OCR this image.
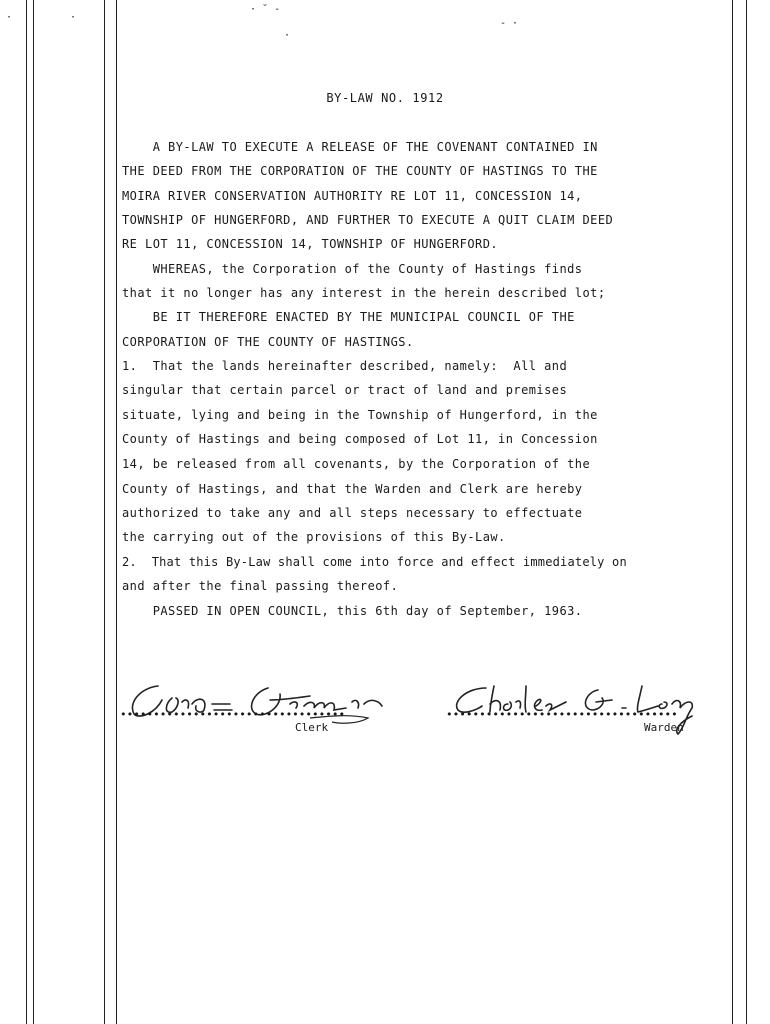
·	·
· ˘ -
·
- ·
BY-LAW NO. 1912
A BY-LAW TO EXECUTE A RELEASE OF THE COVENANT CONTAINED IN
THE DEED FROM THE CORPORATION OF THE COUNTY OF HASTINGS TO THE
MOIRA RIVER CONSERVATION AUTHORITY RE LOT 11, CONCESSION 14,
TOWNSHIP OF HUNGERFORD, AND FURTHER TO EXECUTE A QUIT CLAIM DEED
RE LOT 11, CONCESSION 14, TOWNSHIP OF HUNGERFORD.
WHEREAS, the Corporation of the County of Hastings finds
that it no longer has any interest in the herein described lot;
BE IT THEREFORE ENACTED BY THE MUNICIPAL COUNCIL OF THE
CORPORATION OF THE COUNTY OF HASTINGS.
1.  That the lands hereinafter described, namely:  All and
singular that certain parcel or tract of land and premises
situate, lying and being in the Township of Hungerford, in the
County of Hastings and being composed of Lot 11, in Concession
14, be released from all covenants, by the Corporation of the
County of Hastings, and that the Warden and Clerk are hereby
authorized to take any and all steps necessary to effectuate
the carrying out of the provisions of this By-Law.
2.  That this By-Law shall come into force and effect immediately on
and after the final passing thereof.
PASSED IN OPEN COUNCIL, this 6th day of September, 1963.
••••••••••••••••••••••••••••••••••
Clerk
•••••••••••••••••••••••••••••••••••
Warden
